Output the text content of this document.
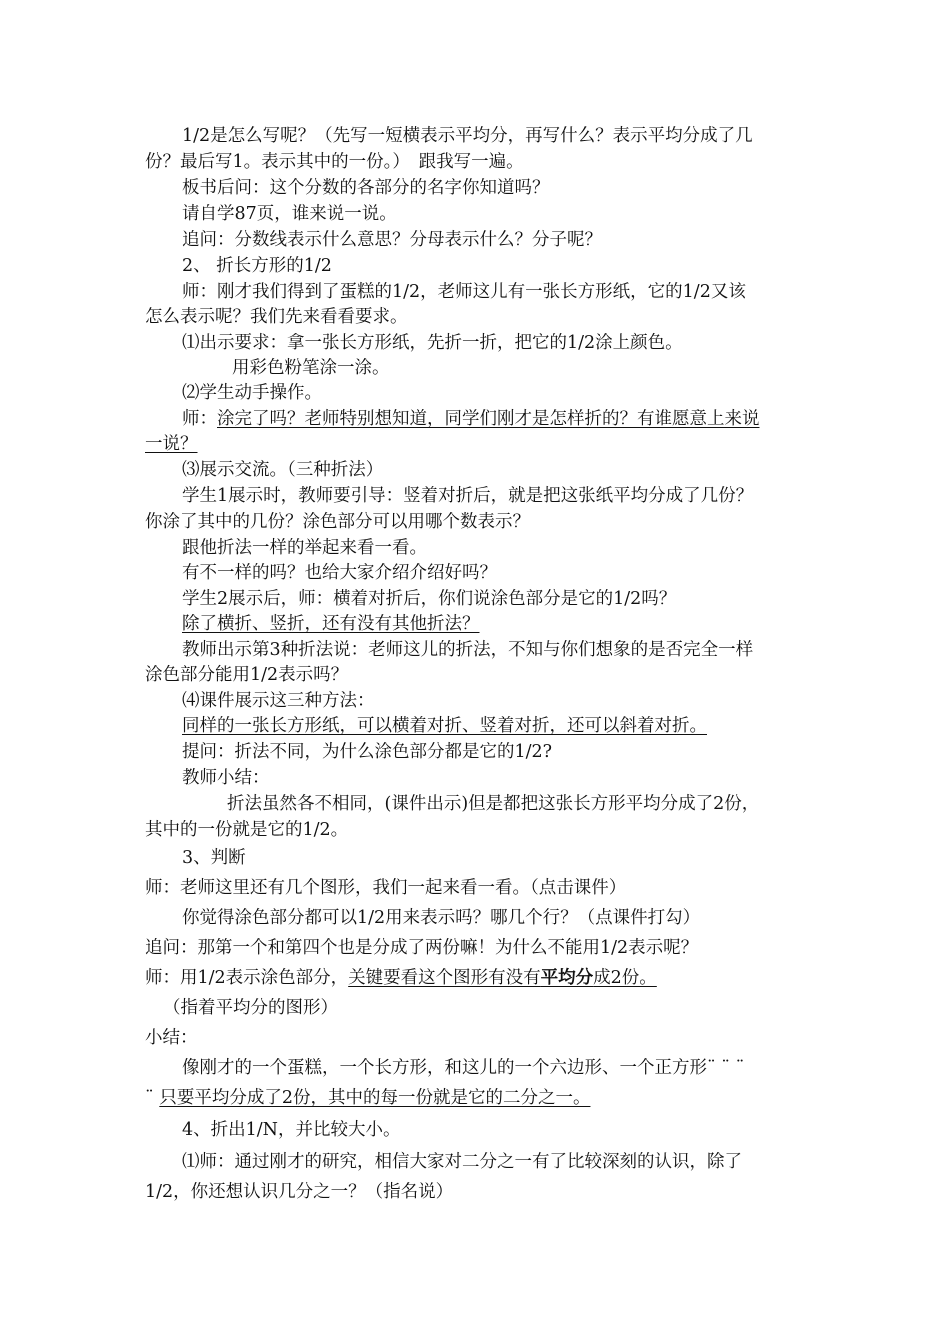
1/2是怎么写呢？（先写一短横表示平均分，再写什么？表示平均分成了几
份？最后写1。表示其中的一份。）　跟我写一遍。
板书后问：这个分数的各部分的名字你知道吗？
请自学87页，谁来说一说。
追问：分数线表示什么意思？分母表示什么？分子呢？
2、 折长方形的1/2
师：刚才我们得到了蛋糕的1/2，老师这儿有一张长方形纸，它的1/2又该
怎么表示呢？我们先来看看要求。
⑴出示要求：拿一张长方形纸，先折一折，把它的1/2涂上颜色。
用彩色粉笔涂一涂。
⑵学生动手操作。
师：涂完了吗？老师特别想知道，同学们刚才是怎样折的？有谁愿意上来说
一说？
⑶展示交流。（三种折法）
学生1展示时，教师要引导：竖着对折后，就是把这张纸平均分成了几份？
你涂了其中的几份？涂色部分可以用哪个数表示？
跟他折法一样的举起来看一看。
有不一样的吗？也给大家介绍介绍好吗？
学生2展示后，师：横着对折后，你们说涂色部分是它的1/2吗？
除了横折、竖折，还有没有其他折法？
教师出示第3种折法说：老师这儿的折法，不知与你们想象的是否完全一样
涂色部分能用1/2表示吗？
⑷课件展示这三种方法：
同样的一张长方形纸，可以横着对折、竖着对折，还可以斜着对折。
提问：折法不同，为什么涂色部分都是它的1/2?
教师小结：
折法虽然各不相同，(课件出示)但是都把这张长方形平均分成了2份，
其中的一份就是它的1/2。
3、判断
师：老师这里还有几个图形，我们一起来看一看。（点击课件）
你觉得涂色部分都可以1/2用来表示吗？哪几个行？（点课件打勾）
追问：那第一个和第四个也是分成了两份嘛！为什么不能用1/2表示呢？
师：用1/2表示涂色部分，关键要看这个图形有没有平均分成2份。
（指着平均分的图形）
小结：
像刚才的一个蛋糕，一个长方形，和这儿的一个六边形、一个正方形¨ ¨ ¨
¨ 只要平均分成了2份，其中的每一份就是它的二分之一。
4、折出1/N，并比较大小。
⑴师：通过刚才的研究，相信大家对二分之一有了比较深刻的认识，除了
1/2，你还想认识几分之一？（指名说）
